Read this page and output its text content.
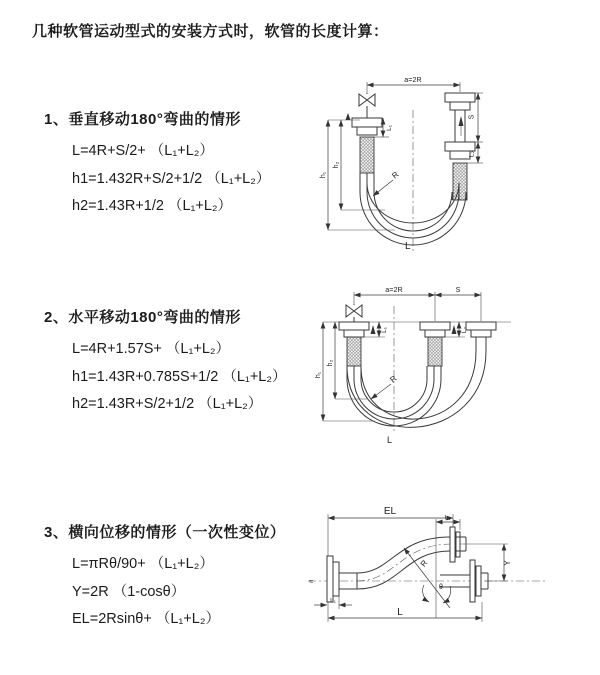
几种软管运动型式的安装方式时，软管的长度计算：
1、垂直移动180°弯曲的情形
L=4R+S/2+ （L₁+L₂）
h1=1.432R+S/2+1/2 （L₁+L₂）
h2=1.43R+1/2 （L₁+L₂）
a=2R
h₁
h₂
L₁
S
L₂
R
L
2、水平移动180°弯曲的情形
L=4R+1.57S+ （L₁+L₂）
h1=1.43R+0.785S+1/2 （L₁+L₂）
h2=1.43R+S/2+1/2 （L₁+L₂）
a=2R	S
h₁
h₂
L₁	L₂
R
L
3、横向位移的情形（一次性变位）
L=πRθ/90+ （L₁+L₂）
Y=2R （1-cosθ）
EL=2Rsinθ+ （L₁+L₂）
≈
EL
L₂
Y
R
θ
L
L₁
